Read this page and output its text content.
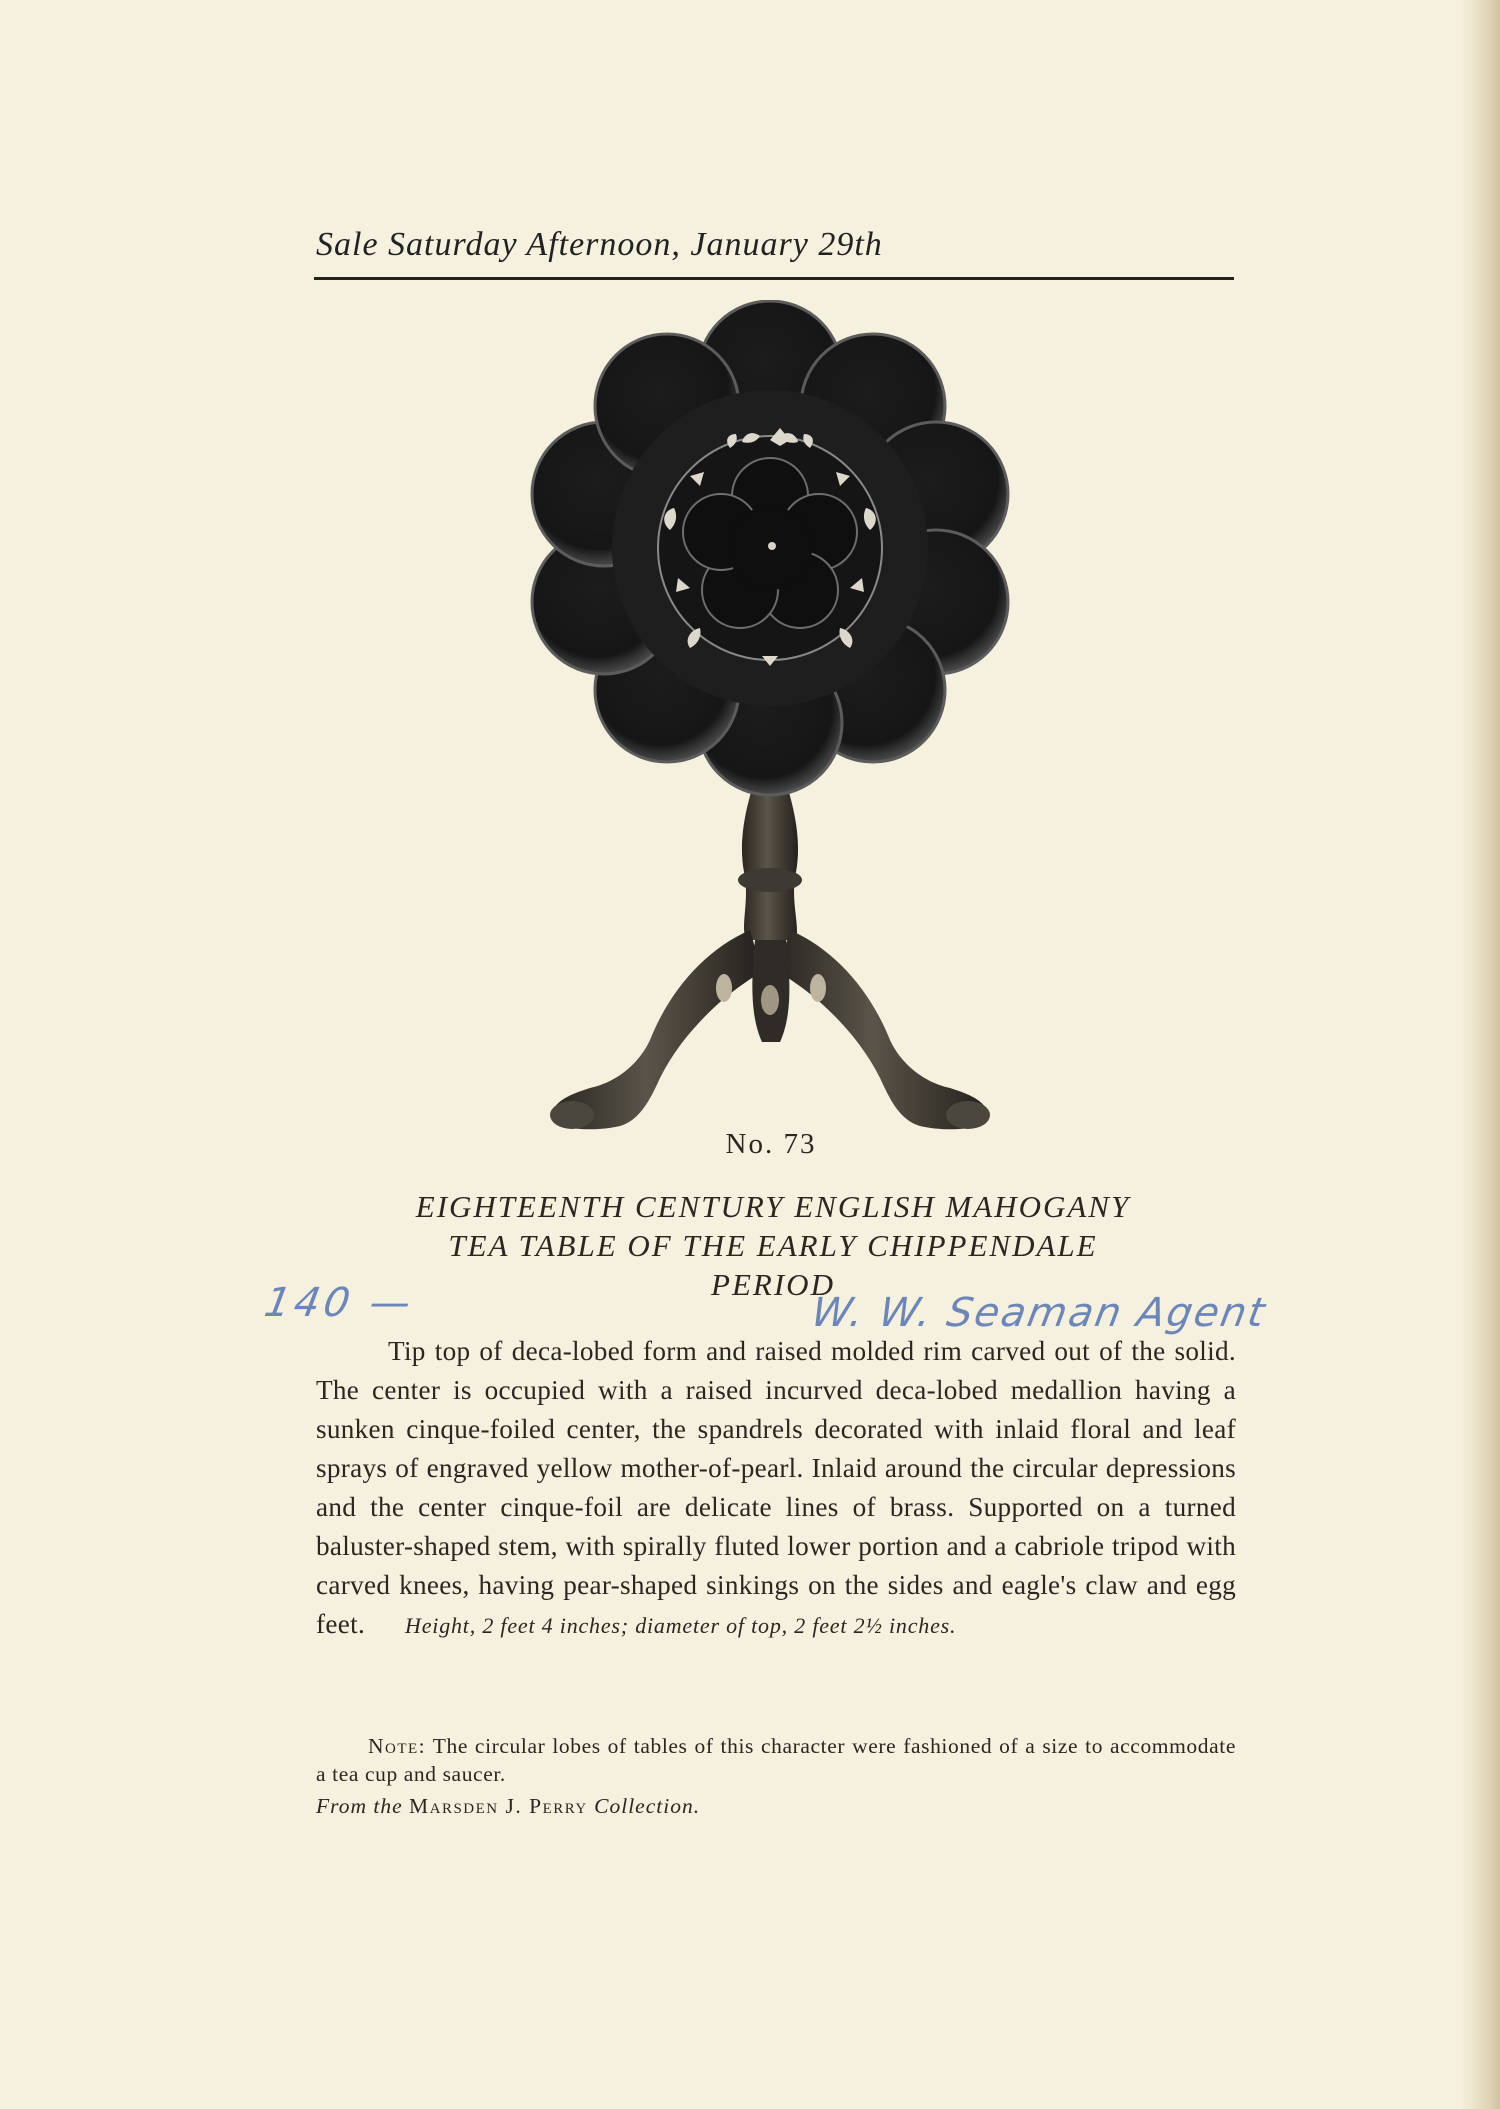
Sale Saturday Afternoon, January 29th
No. 73
EIGHTEENTH CENTURY ENGLISH MAHOGANY
TEA TABLE OF THE EARLY CHIPPENDALE
PERIOD
140 —	W. W. Seaman Agent
Tip top of deca-lobed form and raised molded rim carved out of the solid. The center is occupied with a raised incurved deca-lobed medallion having a sunken cinque-foiled center, the spandrels decorated with inlaid floral and leaf sprays of engraved yellow mother-of-pearl. Inlaid around the circular depressions and the center cinque-foil are delicate lines of brass. Supported on a turned baluster-shaped stem, with spirally fluted lower portion and a cabriole tripod with carved knees, having pear-shaped sinkings on the sides and eagle's claw and egg feet. Height, 2 feet 4 inches; diameter of top, 2 feet 2½ inches.
Note: The circular lobes of tables of this character were fashioned of a size to accommodate a tea cup and saucer.
From the Marsden J. Perry Collection.
